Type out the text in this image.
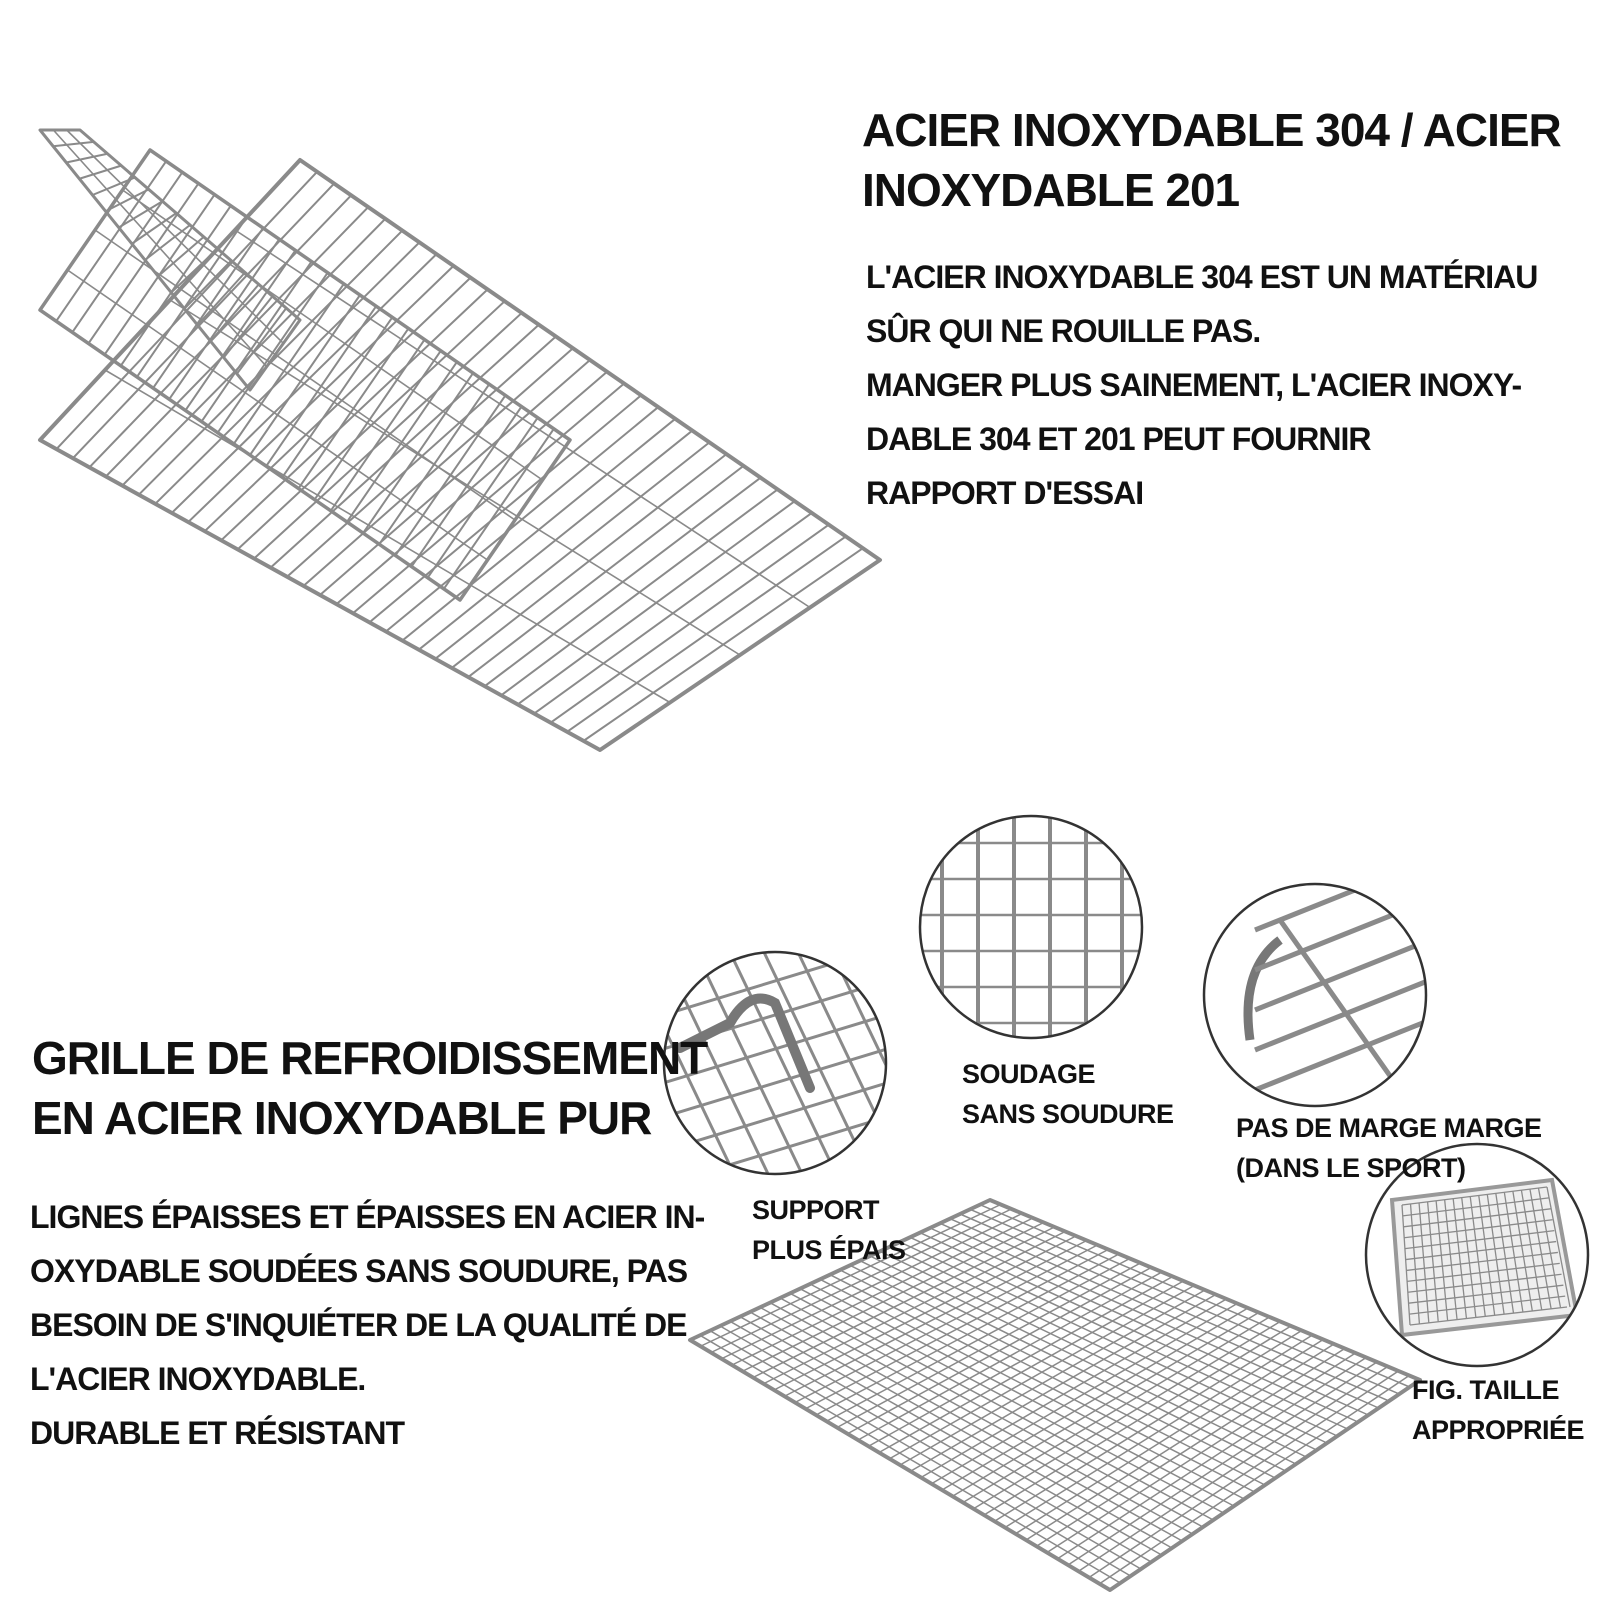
ACIER INOXYDABLE 304 / ACIER
INOXYDABLE 201
L'ACIER INOXYDABLE 304 EST UN MATÉRIAU
SÛR QUI NE ROUILLE PAS.
MANGER PLUS SAINEMENT, L'ACIER INOXY-
DABLE 304 ET 201 PEUT FOURNIR
RAPPORT D'ESSAI
GRILLE DE REFROIDISSEMENT
EN ACIER INOXYDABLE PUR
LIGNES ÉPAISSES ET ÉPAISSES EN ACIER IN-
OXYDABLE SOUDÉES SANS SOUDURE, PAS
BESOIN DE S'INQUIÉTER DE LA QUALITÉ DE
L'ACIER INOXYDABLE.
DURABLE ET RÉSISTANT
SUPPORT
PLUS ÉPAIS
SOUDAGE
SANS SOUDURE PAS DE MARGE MARGE
(DANS LE SPORT)
FIG. TAILLE
APPROPRIÉE
